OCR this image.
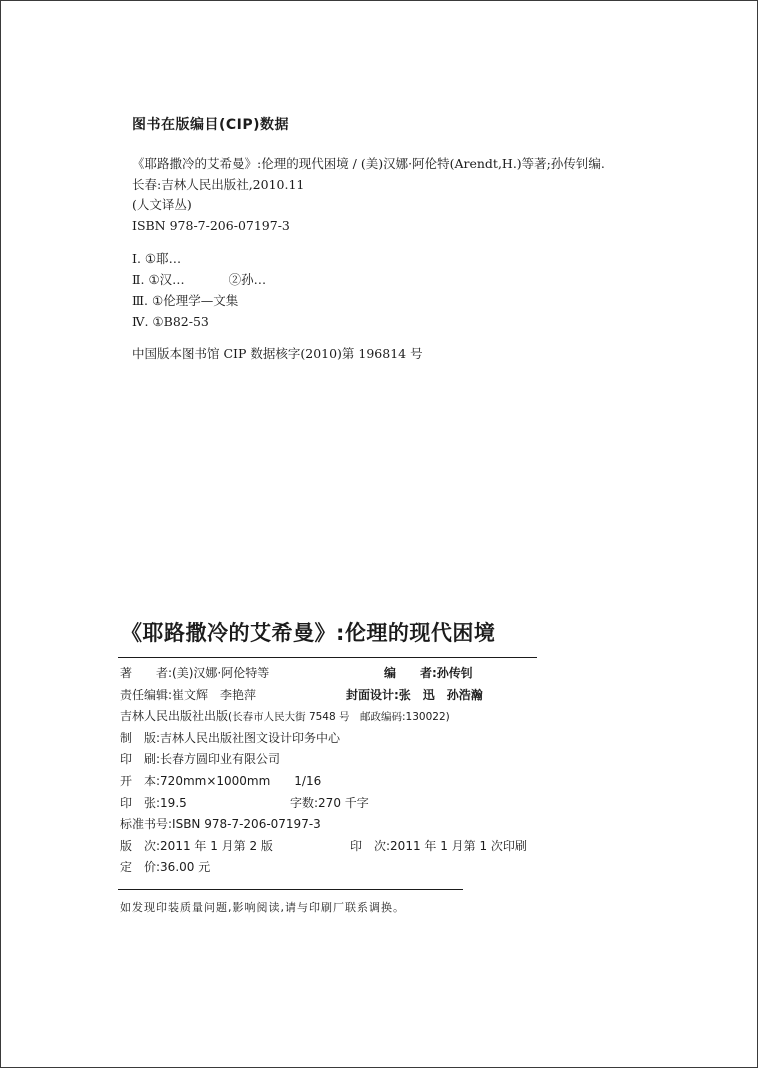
图书在版编目(CIP)数据
《耶路撒冷的艾希曼》:伦理的现代困境 / (美)汉娜·阿伦特(Arendt,H.)等著;孙传钊编.
长春:吉林人民出版社,2010.11
(人文译丛)
ISBN 978-7-206-07197-3
Ⅰ. ①耶…
Ⅱ. ①汉…	②孙…
Ⅲ. ①伦理学—文集
Ⅳ. ①B82-53
中国版本图书馆 CIP 数据核字(2010)第 196814 号
《耶路撒冷的艾希曼》:伦理的现代困境
著　　者:(美)汉娜·阿伦特等	编　　者:孙传钊
责任编辑:崔文辉　李艳萍	封面设计:张　迅　孙浩瀚
吉林人民出版社出版(长春市人民大街 7548 号　邮政编码:130022)
制　版:吉林人民出版社图文设计印务中心
印　刷:长春方圆印业有限公司
开　本:720mm×1000mm　　1/16
印　张:19.5	字数:270 千字
标准书号:ISBN 978-7-206-07197-3
版　次:2011 年 1 月第 2 版	印　次:2011 年 1 月第 1 次印刷
定　价:36.00 元
如发现印装质量问题,影响阅读,请与印刷厂联系调换。
